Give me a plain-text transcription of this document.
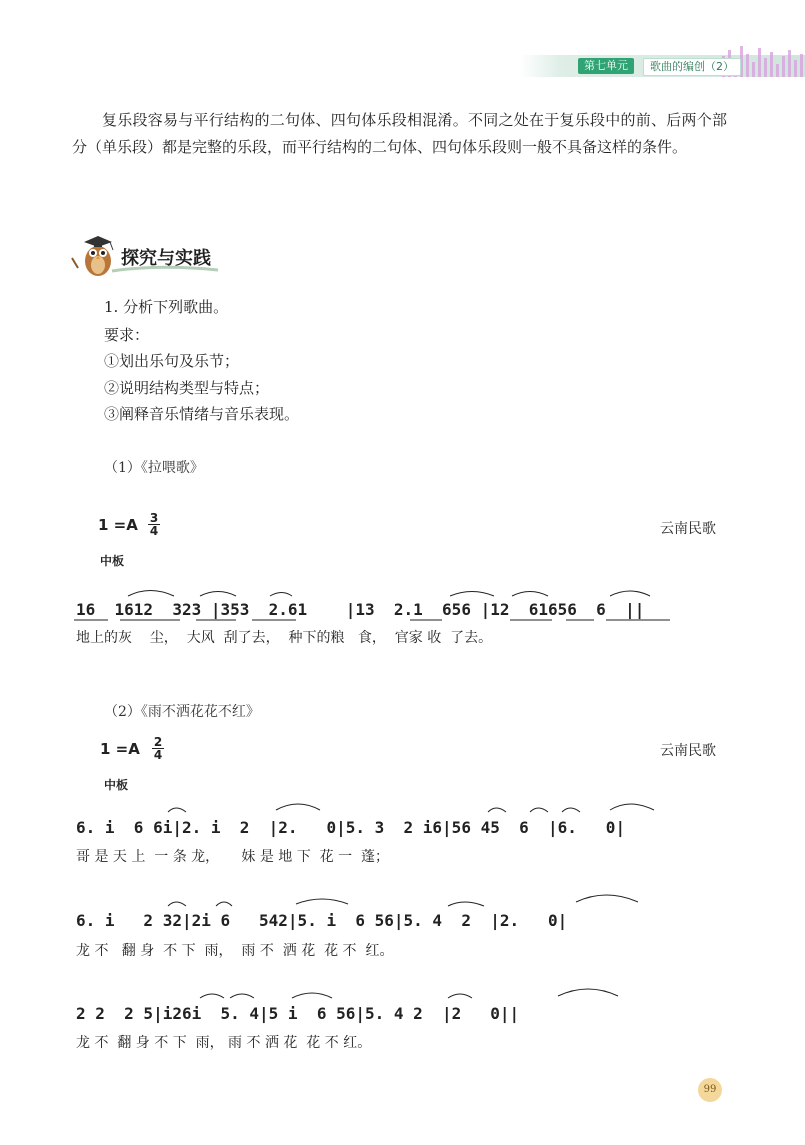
第七单元	歌曲的编创（2）

复乐段容易与平行结构的二句体、四句体乐段相混淆。不同之处在于复乐段中的前、后两个部分（单乐段）都是完整的乐段，而平行结构的二句体、四句体乐段则一般不具备这样的条件。

探究与实践
1. 分析下列歌曲。
要求：
①划出乐句及乐节；
②说明结构类型与特点；
③阐释音乐情绪与音乐表现。
（1）《拉喂歌》
1 =A 3
4	云南民歌
中板
16  1612  323 |353  2.61    |13  2.1  656 |12  61656  6  ||
地上的灰    尘，  大风  刮了去，  种下的粮   食，  官家 收  了去。
（2）《雨不洒花花不红》
1 =A 2
4	云南民歌
中板
6. i  6 6i|2. i  2  |2.   0|5. 3  2 i6|56 45  6  |6.   0|
哥 是 天 上  一 条 龙，     妹 是 地 下  花 一  蓬；
6. i   2 32|2i 6   542|5. i  6 56|5. 4  2  |2.   0|
龙 不   翻 身  不 下  雨，  雨 不  洒 花  花 不  红。
2 2  2 5|i26i  5. 4|5 i  6 56|5. 4 2  |2   0||
龙 不  翻 身 不 下  雨， 雨 不 洒 花  花 不 红。
99
